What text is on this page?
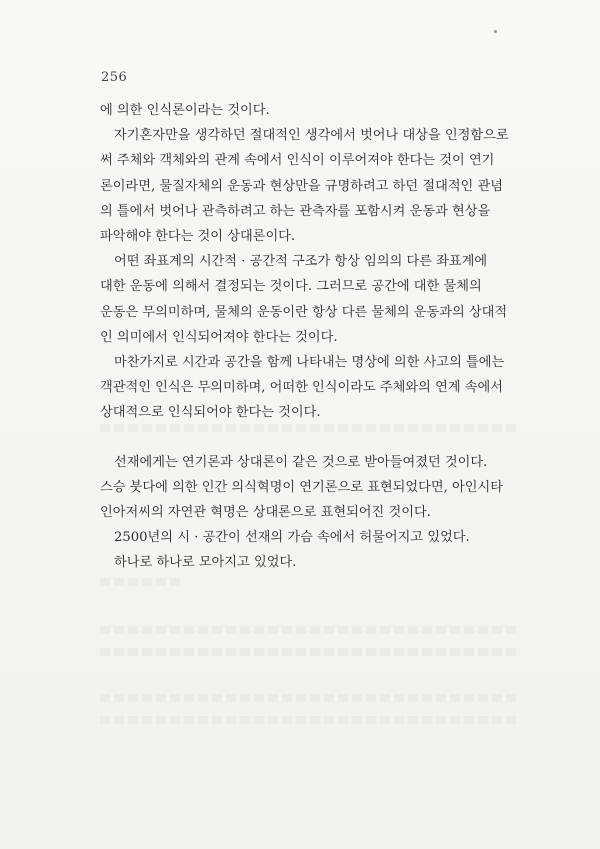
256
에 의한 인식론이라는 것이다.
자기혼자만을 생각하던 절대적인 생각에서 벗어나 대상을 인정함으로
써 주체와 객체와의 관계 속에서 인식이 이루어져야 한다는 것이 연기
론이라면, 물질자체의 운동과 현상만을 규명하려고 하던 절대적인 관념
의 틀에서 벗어나 관측하려고 하는 관측자를 포함시켜 운동과 현상을
파악해야 한다는 것이 상대론이다.
어떤 좌표계의 시간적 · 공간적 구조가 항상 임의의 다른 좌표계에
대한 운동에 의해서 결정되는 것이다. 그러므로 공간에 대한 물체의
운동은 무의미하며, 물체의 운동이란 항상 다른 물체의 운동과의 상대적
인 의미에서 인식되어져야 한다는 것이다.
마찬가지로 시간과 공간을 함께 나타내는 명상에 의한 사고의 틀에는
객관적인 인식은 무의미하며, 어떠한 인식이라도 주체와의 연계 속에서
상대적으로 인식되어야 한다는 것이다.
선재에게는 연기론과 상대론이 같은 것으로 받아들여졌던 것이다.
스승 붓다에 의한 인간 의식혁명이 연기론으로 표현되었다면, 아인시타
인아저씨의 자연관 혁명은 상대론으로 표현되어진 것이다.
2500년의 시 · 공간이 선재의 가슴 속에서 허물어지고 있었다.
하나로 하나로 모아지고 있었다.
